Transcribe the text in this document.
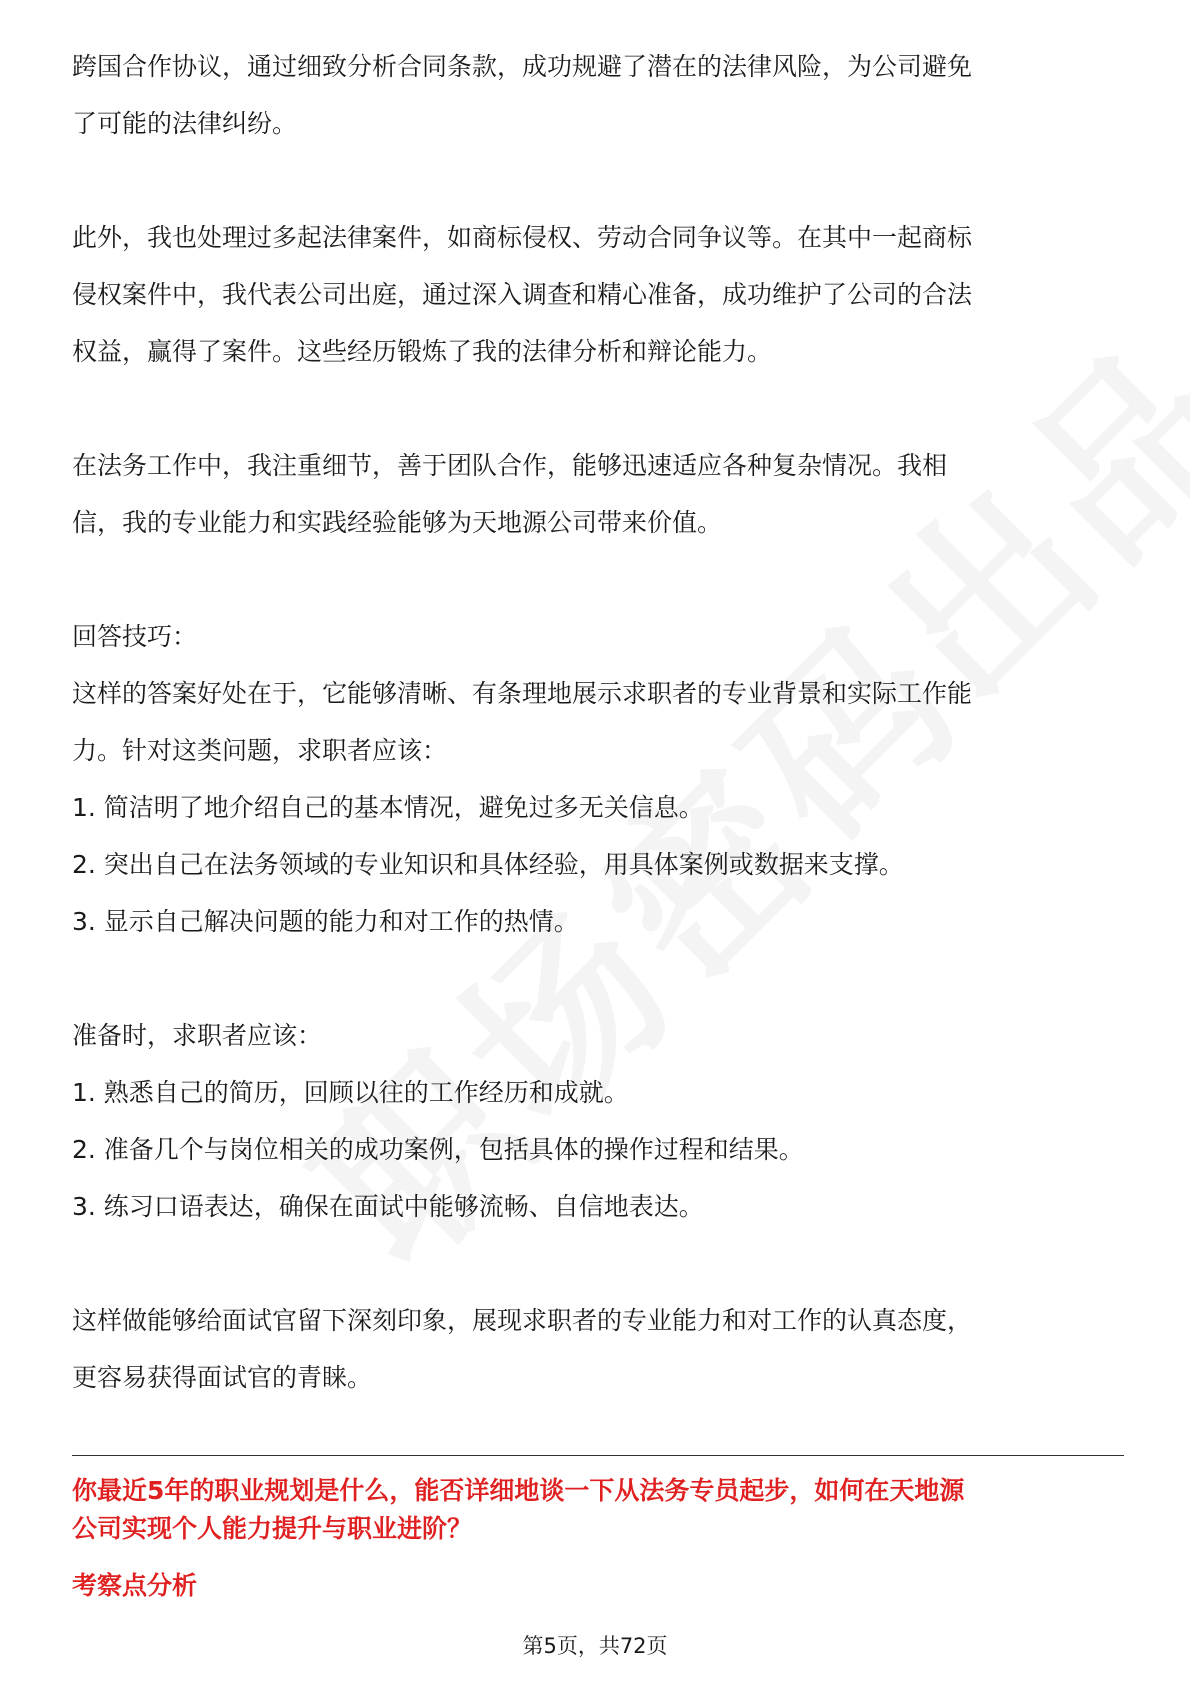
跨国合作协议，通过细致分析合同条款，成功规避了潜在的法律风险，为公司避免

了可能的法律纠纷。

此外，我也处理过多起法律案件，如商标侵权、劳动合同争议等。在其中一起商标

侵权案件中，我代表公司出庭，通过深入调查和精心准备，成功维护了公司的合法

权益，赢得了案件。这些经历锻炼了我的法律分析和辩论能力。

在法务工作中，我注重细节，善于团队合作，能够迅速适应各种复杂情况。我相

信，我的专业能力和实践经验能够为天地源公司带来价值。

回答技巧：

这样的答案好处在于，它能够清晰、有条理地展示求职者的专业背景和实际工作能

力。针对这类问题，求职者应该：

1. 简洁明了地介绍自己的基本情况，避免过多无关信息。

2. 突出自己在法务领域的专业知识和具体经验，用具体案例或数据来支撑。

3. 显示自己解决问题的能力和对工作的热情。

准备时，求职者应该：

1. 熟悉自己的简历，回顾以往的工作经历和成就。

2. 准备几个与岗位相关的成功案例，包括具体的操作过程和结果。

3. 练习口语表达，确保在面试中能够流畅、自信地表达。

这样做能够给面试官留下深刻印象，展现求职者的专业能力和对工作的认真态度，

更容易获得面试官的青睐。

你最近5年的职业规划是什么，能否详细地谈一下从法务专员起步，如何在天地源
公司实现个人能力提升与职业进阶？

考察点分析

第5页，共72页
